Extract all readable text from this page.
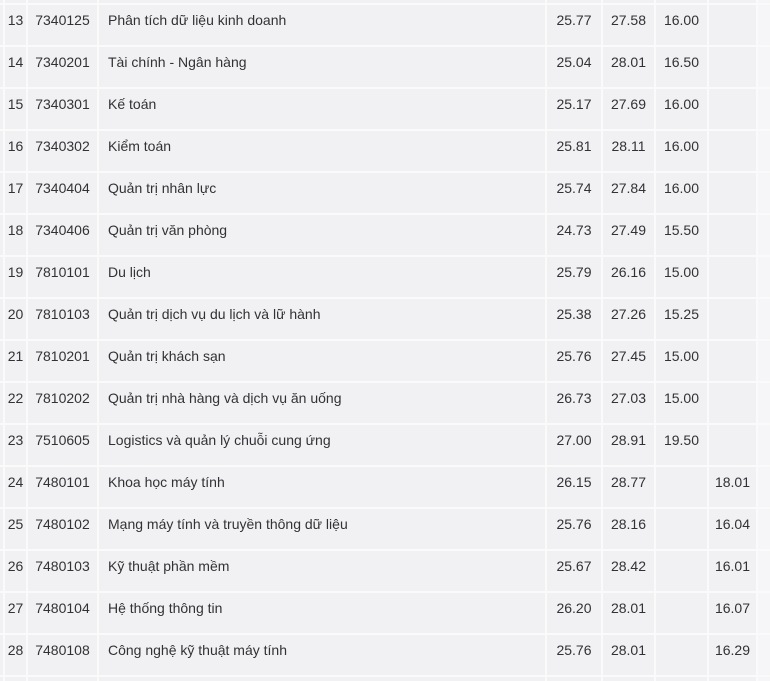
	13	7340125	Phân tích dữ liệu kinh doanh	25.77	27.58	16.00		
	14	7340201	Tài chính - Ngân hàng	25.04	28.01	16.50		
	15	7340301	Kế toán	25.17	27.69	16.00		
	16	7340302	Kiểm toán	25.81	28.11	16.00		
	17	7340404	Quản trị nhân lực	25.74	27.84	16.00		
	18	7340406	Quản trị văn phòng	24.73	27.49	15.50		
	19	7810101	Du lịch	25.79	26.16	15.00		
	20	7810103	Quản trị dịch vụ du lịch và lữ hành	25.38	27.26	15.25		
	21	7810201	Quản trị khách sạn	25.76	27.45	15.00		
	22	7810202	Quản trị nhà hàng và dịch vụ ăn uống	26.73	27.03	15.00		
	23	7510605	Logistics và quản lý chuỗi cung ứng	27.00	28.91	19.50		
	24	7480101	Khoa học máy tính	26.15	28.77		18.01	
	25	7480102	Mạng máy tính và truyền thông dữ liệu	25.76	28.16		16.04	
	26	7480103	Kỹ thuật phần mềm	25.67	28.42		16.01	
	27	7480104	Hệ thống thông tin	26.20	28.01		16.07	
	28	7480108	Công nghệ kỹ thuật máy tính	25.76	28.01		16.29	
